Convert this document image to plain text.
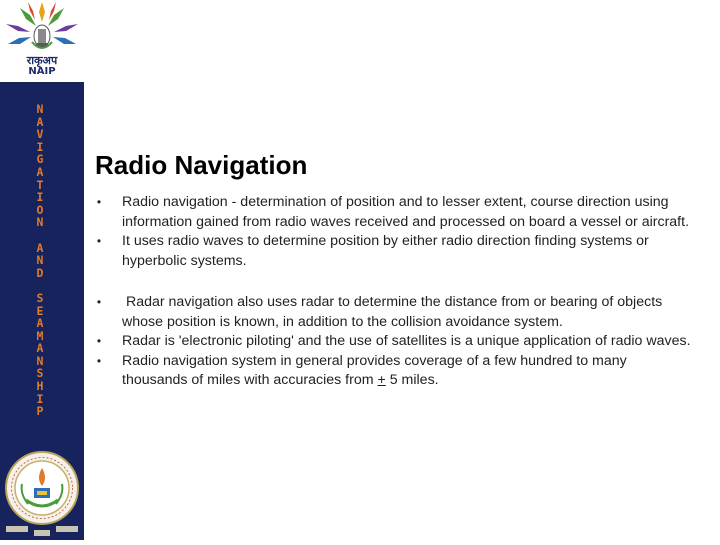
राकृअप
NAIP
N
A
V
I
G
A
T
I
O
N

A
N
D

S
E
A
M
A
N
S
H
I
P
Radio Navigation
• Radio navigation - determination of position and to lesser extent, course direction using information gained from radio waves received and processed on board a vessel or aircraft.
• It uses radio waves to determine position by either radio direction finding systems or hyperbolic systems.
• Radar navigation also uses radar to determine the distance from or bearing of objects whose position is known, in addition to the collision avoidance system.
• Radar is 'electronic piloting' and the use of satellites is a unique application of radio waves.
• Radio navigation system in general provides coverage of a few hundred to many thousands of miles with accuracies from + 5 miles.
